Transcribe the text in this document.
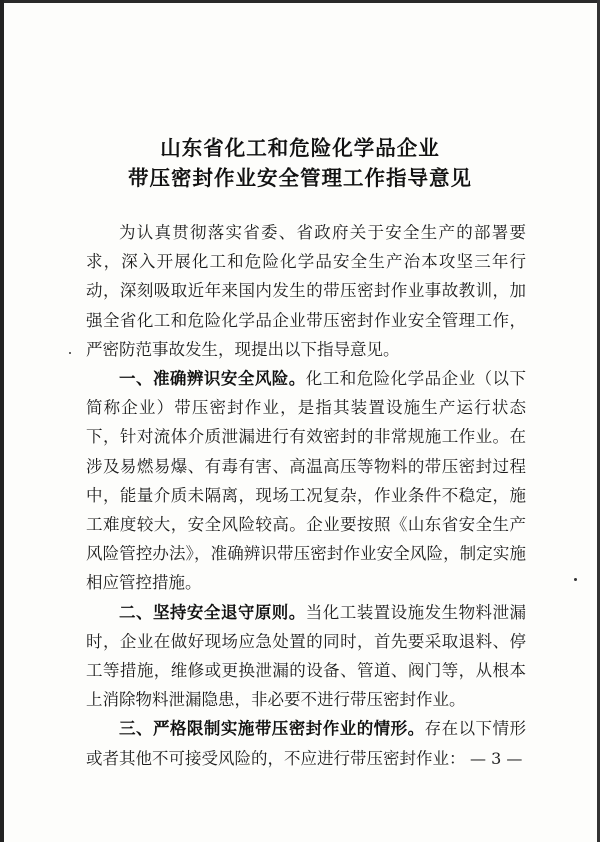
山东省化工和危险化学品企业
带压密封作业安全管理工作指导意见

为认真贯彻落实省委、省政府关于安全生产的部署要求，深入开展化工和危险化学品安全生产治本攻坚三年行动，深刻吸取近年来国内发生的带压密封作业事故教训，加强全省化工和危险化学品企业带压密封作业安全管理工作，严密防范事故发生，现提出以下指导意见。

一、准确辨识安全风险。化工和危险化学品企业（以下简称企业）带压密封作业，是指其装置设施生产运行状态下，针对流体介质泄漏进行有效密封的非常规施工作业。在涉及易燃易爆、有毒有害、高温高压等物料的带压密封过程中，能量介质未隔离，现场工况复杂，作业条件不稳定，施工难度较大，安全风险较高。企业要按照《山东省安全生产风险管控办法》，准确辨识带压密封作业安全风险，制定实施相应管控措施。

二、坚持安全退守原则。当化工装置设施发生物料泄漏时，企业在做好现场应急处置的同时，首先要采取退料、停工等措施，维修或更换泄漏的设备、管道、阀门等，从根本上消除物料泄漏隐患，非必要不进行带压密封作业。

三、严格限制实施带压密封作业的情形。存在以下情形或者其他不可接受风险的，不应进行带压密封作业： — 3 —
